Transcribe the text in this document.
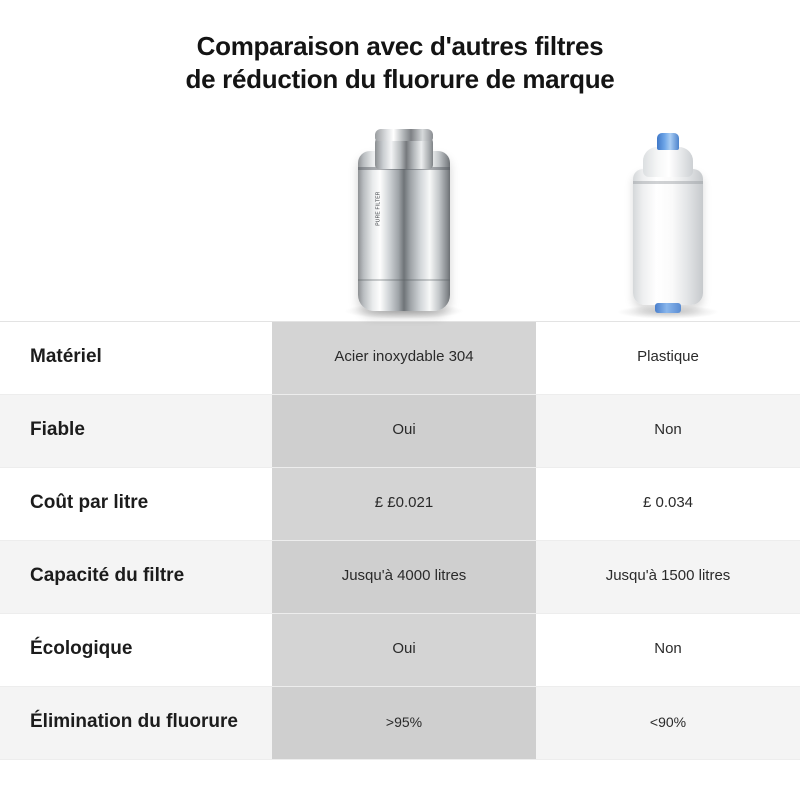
Comparaison avec d'autres filtres
de réduction du fluorure de marque
PURE FILTER
Matériel	Acier inoxydable 304	Plastique
Fiable	Oui	Non
Coût par litre	£ £0.021	£ 0.034
Capacité du filtre	Jusqu'à 4000 litres	Jusqu'à 1500 litres
Écologique	Oui	Non
Élimination du fluorure	>95%	<90%
